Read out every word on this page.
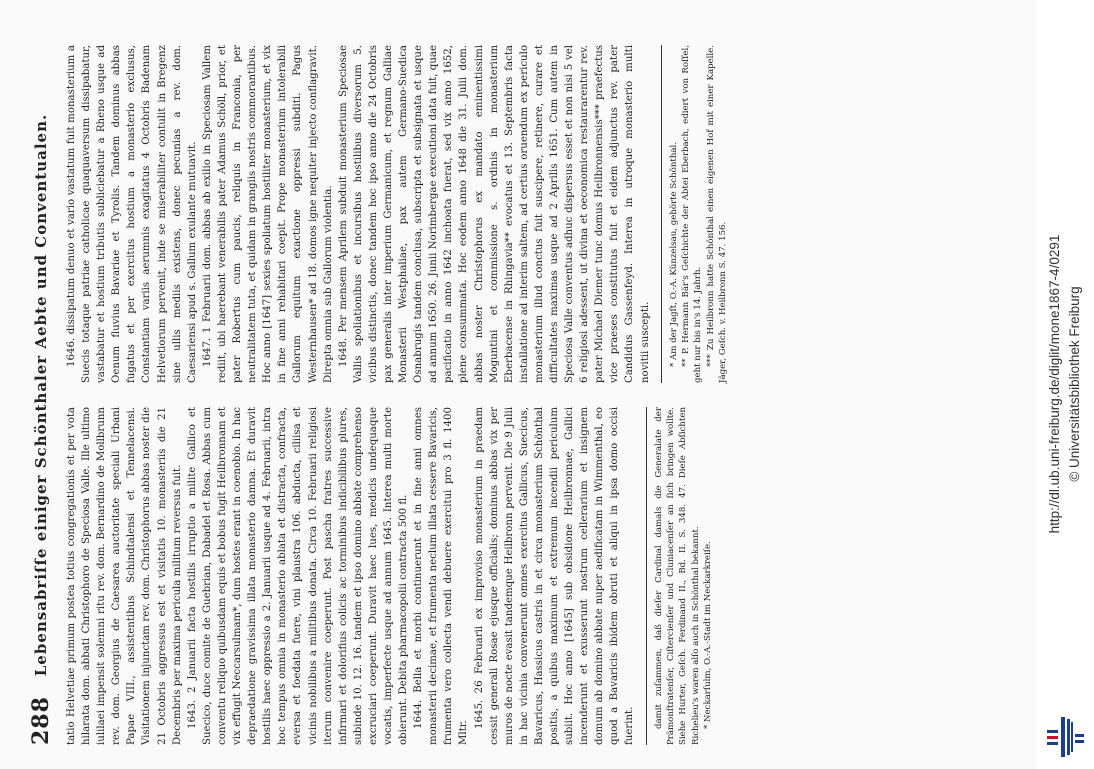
288
Lebensabriſſe einiger Schönthaler Aebte und Conventualen. tatio Helvetiae primum postea totius congregationis et per vota hilarata dom. abbati Christophoro de Speciosa Valle. Ille ultimo iulilaei impensit solemni ritu rev. dom. Bernardino de Mollbrunn rev. dom. Georgius de Caesarea auctoritate speciali Urbani Papae VIII., assistentibus Schindtalensi et Tennelacensi. Visitationem injunctam rev. dom. Christophorus abbas noster die 21 Octobris aggressus est et visitatis 10. monasteriis die 21 Decembris per maxima pericula militum reversus fuit. 1643. 2 Januarii facta hostilis irruptio a milite Gallico et Suecico, duce comite de Guebrian, Dabadel et Rosa. Abbas cum conventu reliquo quibusdam equis et bobus fugit Heilbronnam et vix effugit Neccarsulmam*, dum hostes erant in coenobio. In hac depraedatione gravissima illata monasterio damna. Et duravit hostilis haec oppressio a 2. Januarii usque ad 4. Februarii, intra hoc tempus omnia in monasterio ablata et distracta, confracta, eversa et foedata fuere, vini plaustra 106. abducta, ciliisa et vicinis nobilibus a militibus donata. Circa 10. Februarii religiosi iterum convenire coeperunt. Post pascha fratres successive infirmari et dolorifius colicis ac torminibus indicibilibus plures, subinde 10. 12. 16. tandem et ipso domino abbate comprehenso excruciari coeperunt. Duravit haec lues, medicis undequaque vocatis, imperfecte usque ad annum 1645. Interea multi morte obierunt. Debita pharmacopolii contracta 500 fl. 1644. Bella et morbi continuerunt et in fine anni omnes monasterii decimae, et frumenta neclum illata cessere Bavaricis, frumenta vero collecta vendi debuere exercitui pro 3 fl. 1400 Mltr.

1645. 26 Februarii ex improviso monasterium in praedam cessit generali Rosae ejusque officialis; dominus abbas vix per muros de nocte evasit tandemque Heilbronn pervenit. Die 9 Julii in hac vicinia convenerunt omnes exercitus Gallicus, Suecicus, Bavaricus, Hassicus castris in et circa monasterium Schönthal positis, a quibus maximum et extremum incendii periculum subiit. Hoc anno [1645] sub obsidione Heilbronnae, Gallici incenderunt et exusserunt nostrum cellerarium et insignem domum ab domino abbate nuper aedificatam in Wimmenthal, eo quod a Bavaricis ibidem obruti et aliqui in ipsa domo occisi fuerint. damit zuſammen, daß dieſer Cardinal damals die Generalate der Prämonſtratenſer, Ciſtercienſer und Cluniacenſer an ſich bringen wollte. Siehe Hurter, Geſch. Ferdinand II., Bd. II. S. 348. 47. Dieſe Abſichten Richelieu's waren alſo auch in Schönthal bekannt. * Neckarſulm, O.-A.-Stadt im Neckarkreiſe.

1646. dissipatum denuo et vario vastatum fuit monasterium a Suecis totaque patriae catholicae quaquaversum dissipabatur, vastabatur et hostium tributis subliciebatur a Rheno usque ad Oenum fluvius Bavariae et Tyrolis. Tandem dominus abbas fugatus et per exercitus hostium a monasterio exclusus, Constantiam variis aerumnis exagitatus 4 Octobris Badenam Helvetiorum pervenit, inde se miserabiliter contulit in Bregenz sine ullis mediis existens, donec pecunias a rev. dom. Caesariensi apud s. Gallum exulante mutuavit. 1647. 1 Februarii dom. abbas ab exilio in Speciosam Vallem rediit, ubi haerebant venerabilis pater Adamus Schöll, prior, et pater Robertus cum paucis, reliquis in Franconia, per neutralitatem tuta, et quidam in grangiis nostris commorantibus. Hoc anno [1647] sexies spoliatum hostiliter monasterium, et vix in fine anni rehabitari coepit. Prope monasterium intolerabili Gallorum equitum exactione oppressi subditi. Pagus Westernhausen* ad 18. domos igne nequiter injecto conflagravit. Direpta omnia sub Gallorum violentia. 1648. Per mensem Aprilem subduit monasterium Speciosae Vallis spoliationibus et incursibus hostilibus diversorum 5. vicibus distinctis, donec tandem hoc ipso anno die 24 Octobris pax generalis inter imperium Germanicum, et regnum Galliae Monasterii Westphaliae, pax autem Germano-Suedica Osnabrugis tandem conclusa, subscripta et subsignata et usque ad annum 1650. 26. Junii Norimbergae executioni data fuit, quae pacificatio in anno 1642 inchoata fuerat, sed vix anno 1652, plene consummata. Hoc eodem anno 1648 die 31. Julii dom. abbas noster Christophorus ex mandato eminentissimi Moguntini et commissione s. ordinis in monasterium Eberbacense in Rhingavia** evocatus et 13. Septembris facta installatione ad interim saltem, ad certius oruendum ex periculo monasterium illud conctus fuit suscipere, retinere, curare et difficultates maximas usque ad 2 Aprilis 1651. Cum autem in Speciosa Valle conventus adhuc dispersus esset et non nisi 5 vel 6 religiosi adessent, ut divina et oeconomica restaurarentur rev. pater Michael Diemer tunc domus Heilbronnensis*** praefectus vice praeses constitutus fuit et eidem adjunctus rev. pater Candidus Gassenfeyd. Interea in utroque monasterio multi novitii suscepti. * Am der Jagſt, O.-A. Künzelsau, gehörte Schönthal. ** P. Hermann Bär's Geſchichte der Abtei Eberbach, ediert von Roſſel, geht nur bis in's 14. Jahrh. *** Zu Heilbronn hatte Schönthal einen eigenen Hof mit einer Kapelle. Jäger, Geſch. v. Heilbronn S. 47. 156.	http://dl.ub.uni-freiburg.de/diglit/mone1867-4/0291 © Universitätsbibliothek Freiburg
